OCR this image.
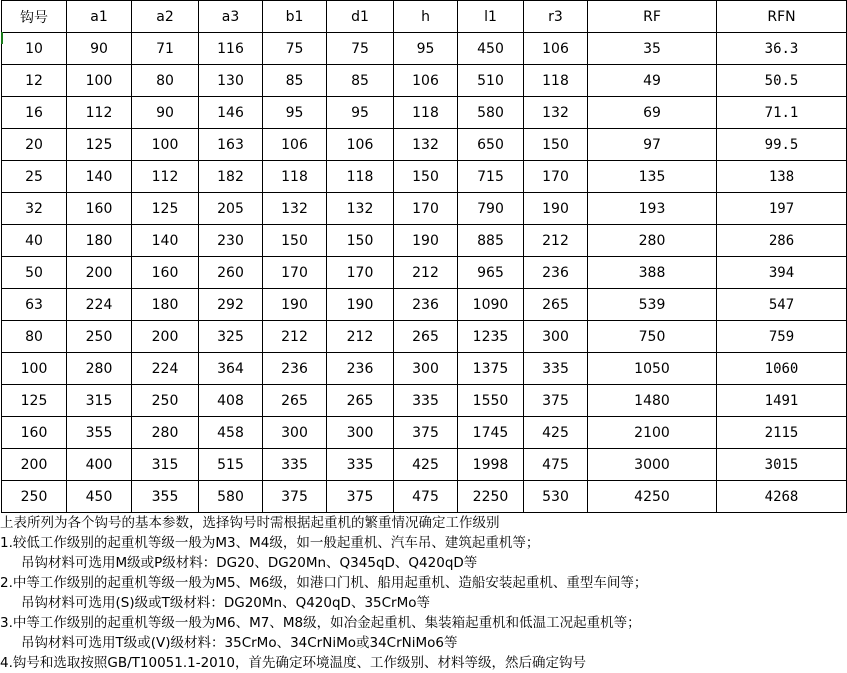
钩号	a1	a2	a3	b1	d1	h	l1	r3	RF	RFN
10	90	71	116	75	75	95	450	106	35	36.3
12	100	80	130	85	85	106	510	118	49	50.5
16	112	90	146	95	95	118	580	132	69	71.1
20	125	100	163	106	106	132	650	150	97	99.5
25	140	112	182	118	118	150	715	170	135	138
32	160	125	205	132	132	170	790	190	193	197
40	180	140	230	150	150	190	885	212	280	286
50	200	160	260	170	170	212	965	236	388	394
63	224	180	292	190	190	236	1090	265	539	547
80	250	200	325	212	212	265	1235	300	750	759
100	280	224	364	236	236	300	1375	335	1050	1060
125	315	250	408	265	265	335	1550	375	1480	1491
160	355	280	458	300	300	375	1745	425	2100	2115
200	400	315	515	335	335	425	1998	475	3000	3015
250	450	355	580	375	375	475	2250	530	4250	4268
上表所列为各个钩号的基本参数，选择钩号时需根据起重机的繁重情况确定工作级别
1.较低工作级别的起重机等级一般为M3、M4级，如一般起重机、汽车吊、建筑起重机等；
吊钩材料可选用M级或P级材料：DG20、DG20Mn、Q345qD、Q420qD等
2.中等工作级别的起重机等级一般为M5、M6级，如港口门机、船用起重机、造船安装起重机、重型车间等；
吊钩材料可选用(S)级或T级材料：DG20Mn、Q420qD、35CrMo等
3.中等工作级别的起重机等级一般为M6、M7、M8级，如冶金起重机、集装箱起重机和低温工况起重机等；
吊钩材料可选用T级或(V)级材料：35CrMo、34CrNiMo或34CrNiMo6等
4.钩号和选取按照GB/T10051.1-2010，首先确定环境温度、工作级别、材料等级，然后确定钩号
